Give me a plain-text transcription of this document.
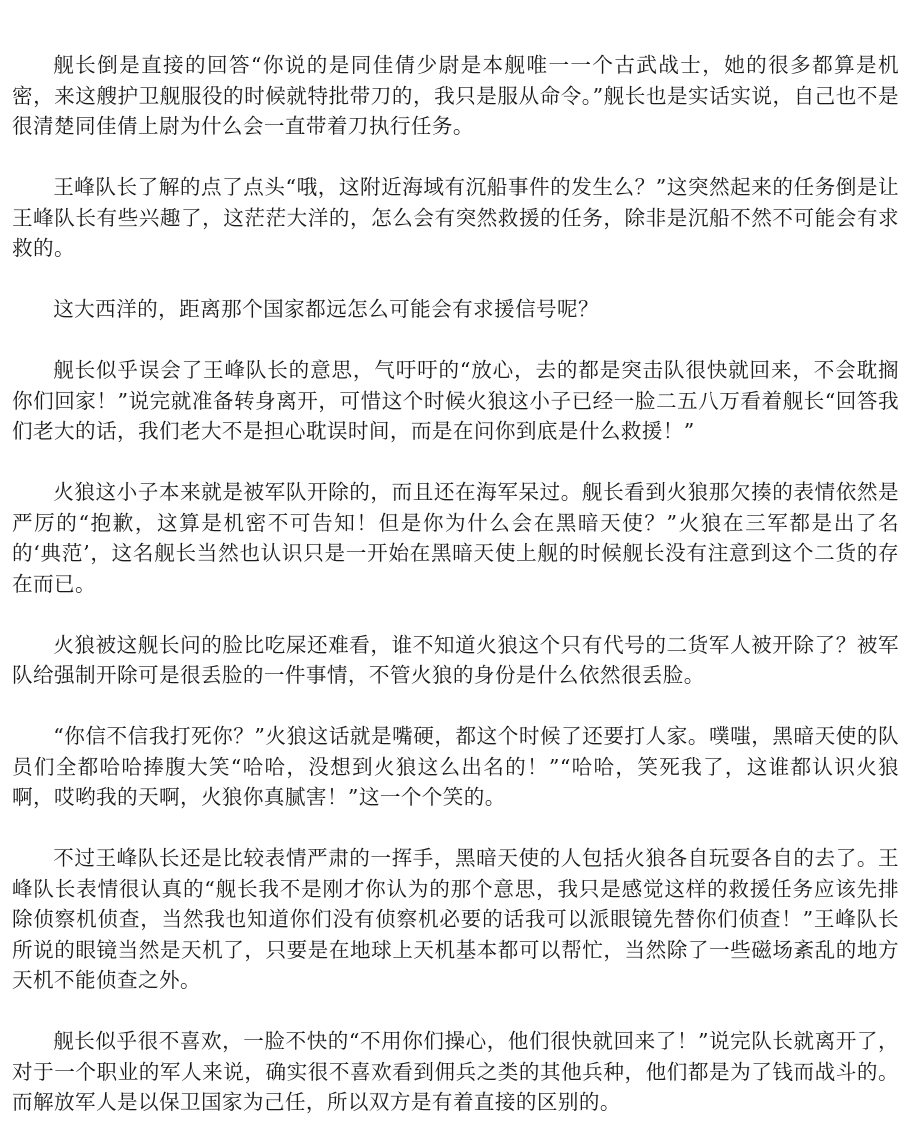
舰长倒是直接的回答“你说的是同佳倩少尉是本舰唯一一个古武战士，她的很多都算是机密，来这艘护卫舰服役的时候就特批带刀的，我只是服从命令。”舰长也是实话实说，自己也不是很清楚同佳倩上尉为什么会一直带着刀执行任务。

王峰队长了解的点了点头“哦，这附近海域有沉船事件的发生么？”这突然起来的任务倒是让王峰队长有些兴趣了，这茫茫大洋的，怎么会有突然救援的任务，除非是沉船不然不可能会有求救的。

这大西洋的，距离那个国家都远怎么可能会有求援信号呢？

舰长似乎误会了王峰队长的意思，气吁吁的“放心，去的都是突击队很快就回来，不会耽搁你们回家！”说完就准备转身离开，可惜这个时候火狼这小子已经一脸二五八万看着舰长“回答我们老大的话，我们老大不是担心耽误时间，而是在问你到底是什么救援！”

火狼这小子本来就是被军队开除的，而且还在海军呆过。舰长看到火狼那欠揍的表情依然是严厉的“抱歉，这算是机密不可告知！但是你为什么会在黑暗天使？”火狼在三军都是出了名的‘典范’，这名舰长当然也认识只是一开始在黑暗天使上舰的时候舰长没有注意到这个二货的存在而已。

火狼被这舰长问的脸比吃屎还难看，谁不知道火狼这个只有代号的二货军人被开除了？被军队给强制开除可是很丢脸的一件事情，不管火狼的身份是什么依然很丢脸。

“你信不信我打死你？”火狼这话就是嘴硬，都这个时候了还要打人家。噗嗤，黑暗天使的队员们全都哈哈捧腹大笑“哈哈，没想到火狼这么出名的！”“哈哈，笑死我了，这谁都认识火狼啊，哎哟我的天啊，火狼你真腻害！”这一个个笑的。

不过王峰队长还是比较表情严肃的一挥手，黑暗天使的人包括火狼各自玩耍各自的去了。王峰队长表情很认真的“舰长我不是刚才你认为的那个意思，我只是感觉这样的救援任务应该先排除侦察机侦查，当然我也知道你们没有侦察机必要的话我可以派眼镜先替你们侦查！”王峰队长所说的眼镜当然是天机了，只要是在地球上天机基本都可以帮忙，当然除了一些磁场紊乱的地方天机不能侦查之外。

舰长似乎很不喜欢，一脸不快的“不用你们操心，他们很快就回来了！”说完队长就离开了，对于一个职业的军人来说，确实很不喜欢看到佣兵之类的其他兵种，他们都是为了钱而战斗的。而解放军人是以保卫国家为己任，所以双方是有着直接的区别的。
